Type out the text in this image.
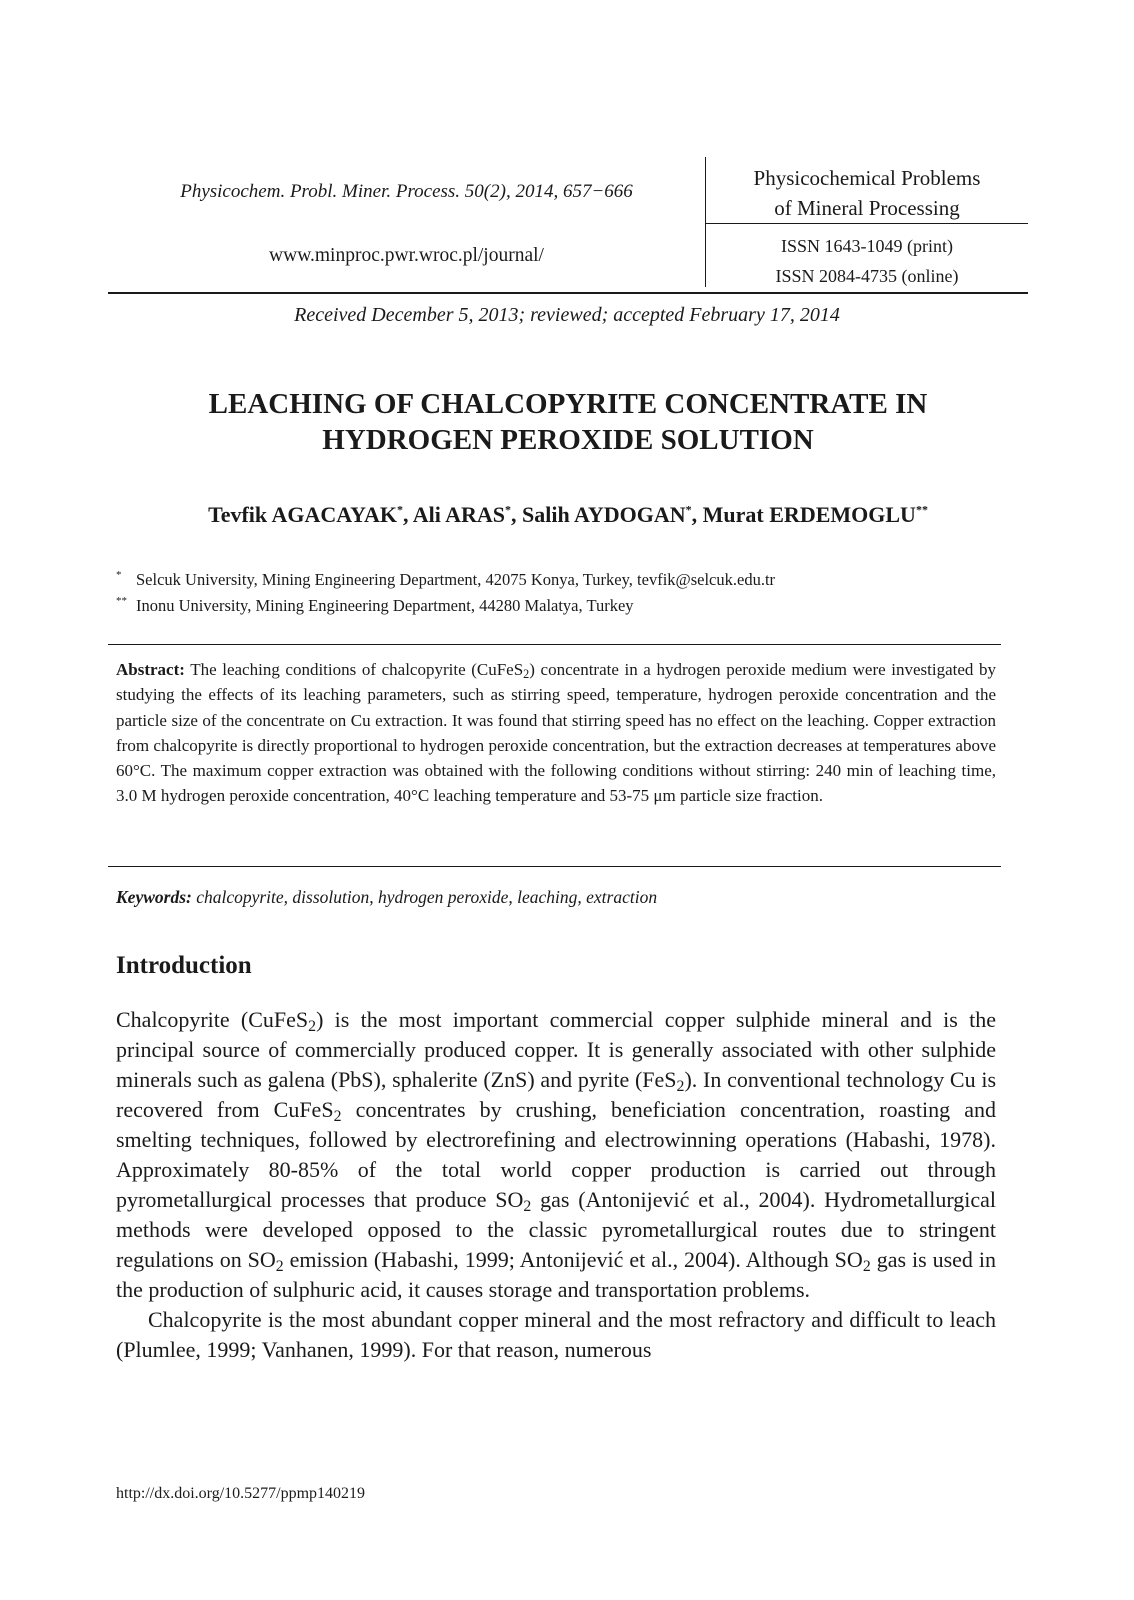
Physicochem. Probl. Miner. Process. 50(2), 2014, 657−666
www.minproc.pwr.wroc.pl/journal/
Physicochemical Problems
of Mineral Processing
ISSN 1643-1049 (print)
ISSN 2084-4735 (online)
Received December 5, 2013; reviewed; accepted February 17, 2014
LEACHING OF CHALCOPYRITE CONCENTRATE IN
HYDROGEN PEROXIDE SOLUTION
Tevfik AGACAYAK*, Ali ARAS*, Salih AYDOGAN*, Murat ERDEMOGLU**
* Selcuk University, Mining Engineering Department, 42075 Konya, Turkey, tevfik@selcuk.edu.tr
** Inonu University, Mining Engineering Department, 44280 Malatya, Turkey
Abstract: The leaching conditions of chalcopyrite (CuFeS$_2$) concentrate in a hydrogen peroxide medium were investigated by studying the effects of its leaching parameters, such as stirring speed, temperature, hydrogen peroxide concentration and the particle size of the concentrate on Cu extraction. It was found that stirring speed has no effect on the leaching. Copper extraction from chalcopyrite is directly proportional to hydrogen peroxide concentration, but the extraction decreases at temperatures above 60°C. The maximum copper extraction was obtained with the following conditions without stirring: 240 min of leaching time, 3.0 M hydrogen peroxide concentration, 40°C leaching temperature and 53-75 μm particle size fraction.
Keywords: chalcopyrite, dissolution, hydrogen peroxide, leaching, extraction
Introduction

Chalcopyrite (CuFeS$_2$) is the most important commercial copper sulphide mineral and is the principal source of commercially produced copper. It is generally associated with other sulphide minerals such as galena (PbS), sphalerite (ZnS) and pyrite (FeS$_2$). In conventional technology Cu is recovered from CuFeS$_2$ concentrates by crushing, beneficiation concentration, roasting and smelting techniques, followed by electrorefining and electrowinning operations (Habashi, 1978). Approximately 80-85% of the total world copper production is carried out through pyrometallurgical processes that produce $SO_2$ gas (Antonijević et al., 2004). Hydrometallurgical methods were developed opposed to the classic pyrometallurgical routes due to stringent regulations on $SO_2$ emission (Habashi, 1999; Antonijević et al., 2004). Although $SO_2$ gas is used in the production of sulphuric acid, it causes storage and transportation problems.

Chalcopyrite is the most abundant copper mineral and the most refractory and difficult to leach (Plumlee, 1999; Vanhanen, 1999). For that reason, numerous

http://dx.doi.org/10.5277/ppmp140219
